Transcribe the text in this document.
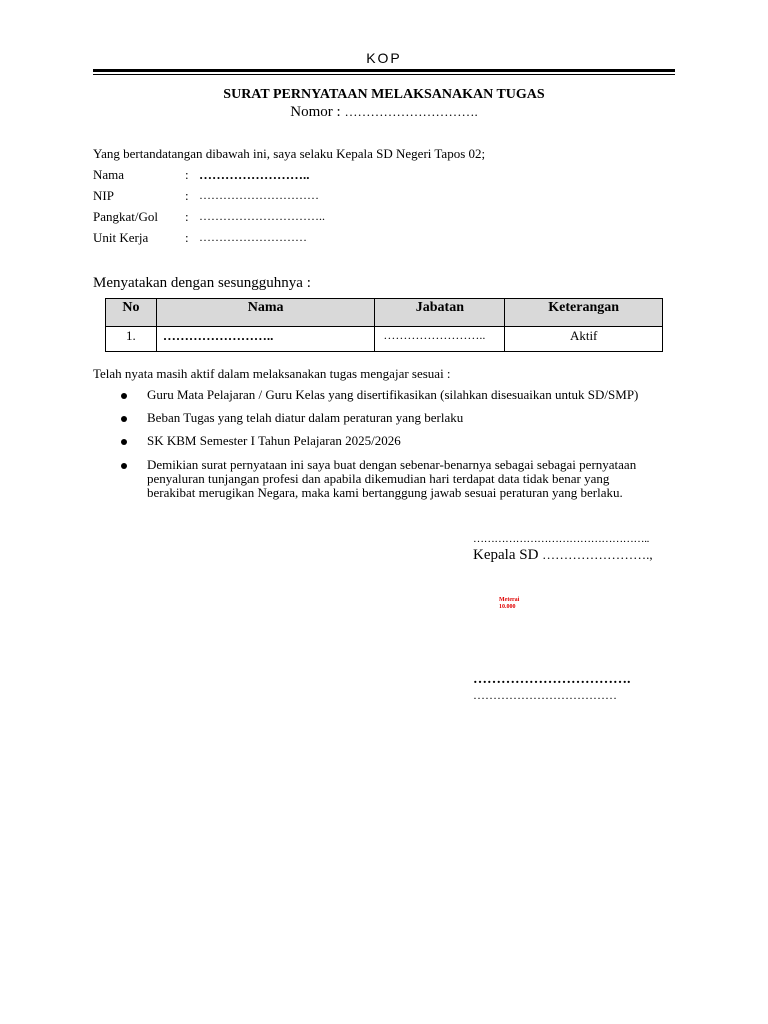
KOP
SURAT PERNYATAAN MELAKSANAKAN TUGAS
Nomor : ………………………….
Yang bertandatangan dibawah ini, saya selaku Kepala SD Negeri Tapos 02;
Nama	: ……………………..
NIP	: …………………………
Pangkat/Gol	: …………………………..
Unit Kerja	: ………………………
Menyatakan dengan sesungguhnya :
No	Nama	Jabatan	Keterangan
1.	……………………..	……………………..	Aktif
Telah nyata masih aktif dalam melaksanakan tugas mengajar sesuai :
Guru Mata Pelajaran / Guru Kelas yang disertifikasikan (silahkan disesuaikan untuk SD/SMP)
Beban Tugas yang telah diatur dalam peraturan yang berlaku
SK KBM Semester I Tahun Pelajaran 2025/2026
Demikian surat pernyataan ini saya buat dengan sebenar-benarnya sebagai sebagai pernyataan penyaluran tunjangan profesi dan apabila dikemudian hari terdapat data tidak benar yang berakibat merugikan Negara, maka kami bertanggung jawab sesuai peraturan yang berlaku.
…………………………………………..
Kepala SD …………………….,
Meterai
10.000
…………………………….
………………………………
